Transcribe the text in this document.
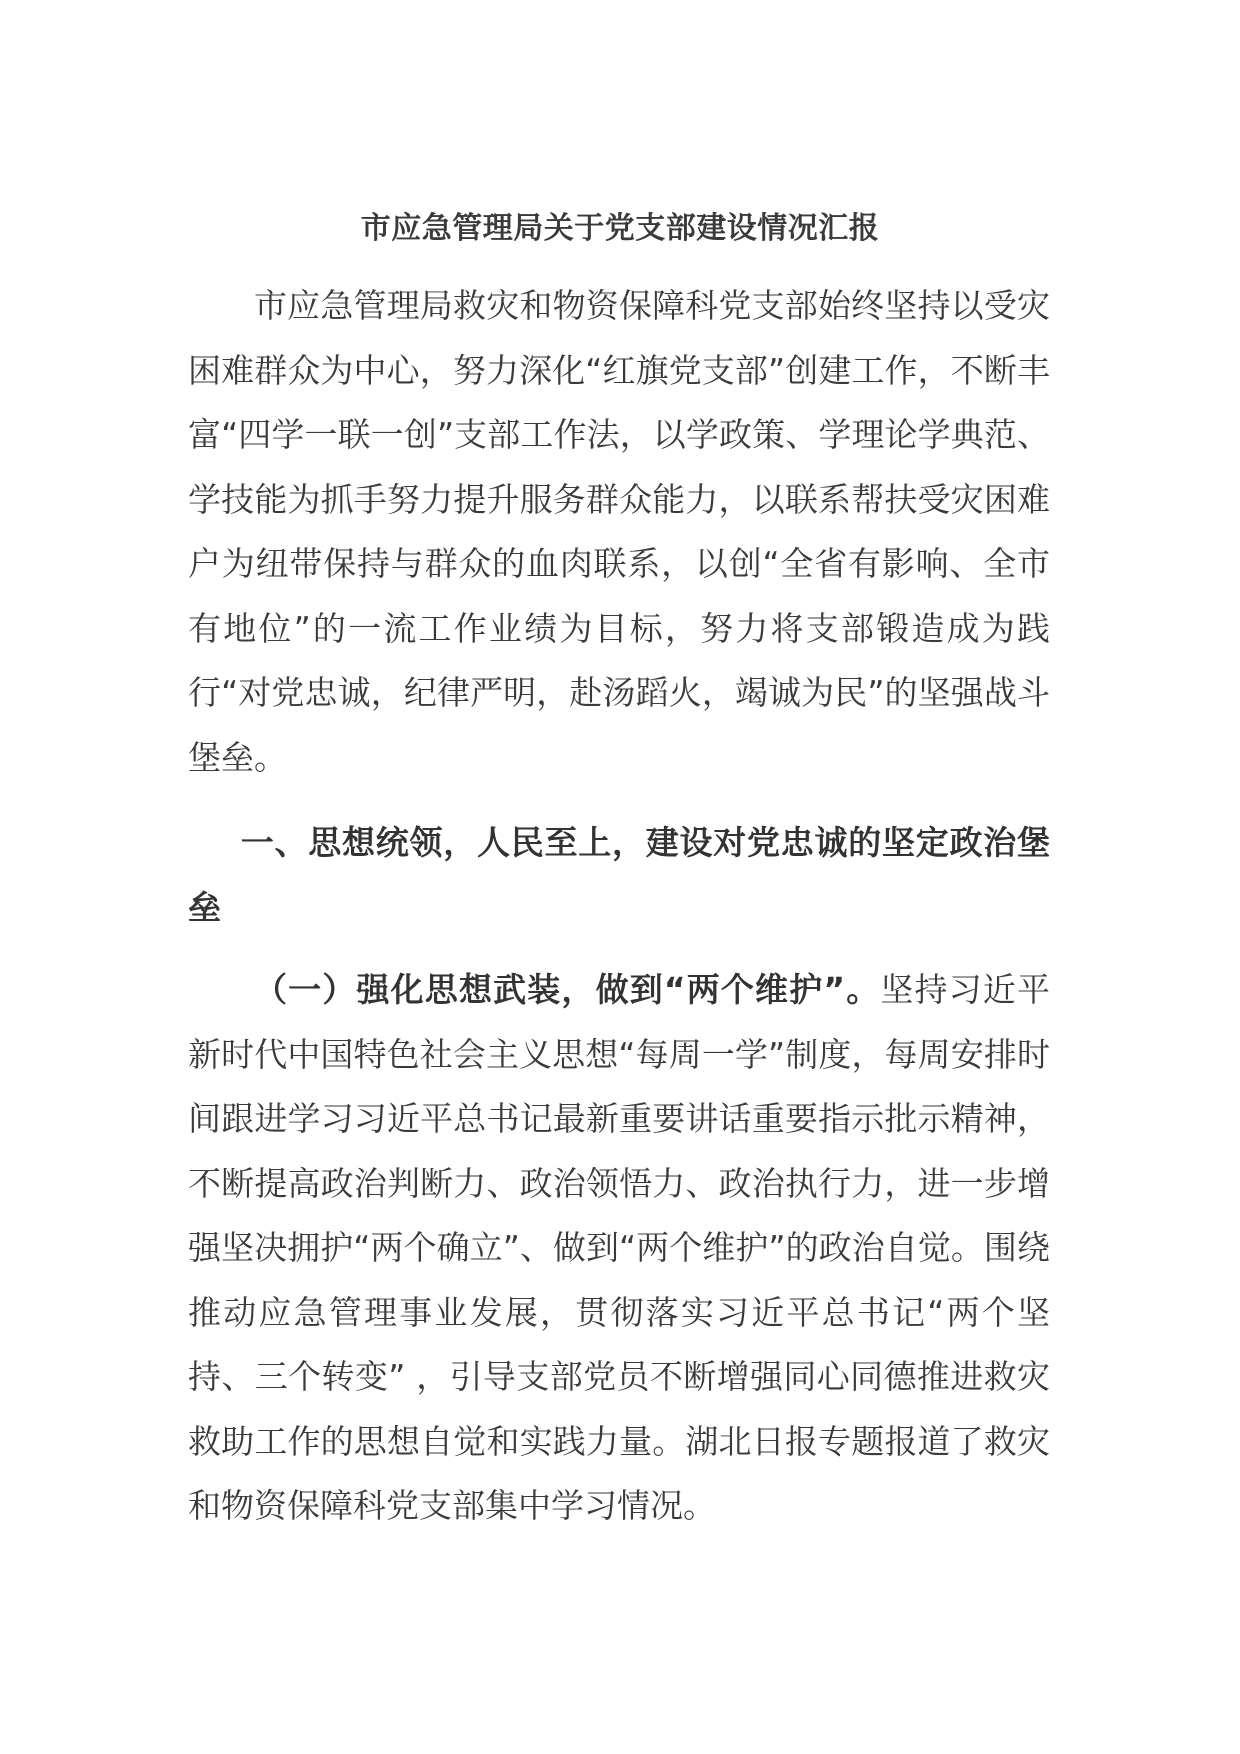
市应急管理局关于党支部建设情况汇报

市应急管理局救灾和物资保障科党支部始终坚持以受灾困难群众为中心，努力深化“红旗党支部”创建工作，不断丰富“四学一联一创”支部工作法，以学政策、学理论学典范、学技能为抓手努力提升服务群众能力，以联系帮扶受灾困难户为纽带保持与群众的血肉联系，以创“全省有影响、全市有地位”的一流工作业绩为目标，努力将支部锻造成为践行“对党忠诚，纪律严明，赴汤蹈火，竭诚为民”的坚强战斗堡垒。

一、思想统领，人民至上，建设对党忠诚的坚定政治堡垒

（一）强化思想武装，做到“两个维护”。坚持习近平新时代中国特色社会主义思想“每周一学”制度，每周安排时间跟进学习习近平总书记最新重要讲话重要指示批示精神，不断提高政治判断力、政治领悟力、政治执行力，进一步增强坚决拥护“两个确立”、做到“两个维护”的政治自觉。围绕推动应急管理事业发展，贯彻落实习近平总书记“两个坚持、三个转变” ，引导支部党员不断增强同心同德推进救灾救助工作的思想自觉和实践力量。湖北日报专题报道了救灾和物资保障科党支部集中学习情况。
